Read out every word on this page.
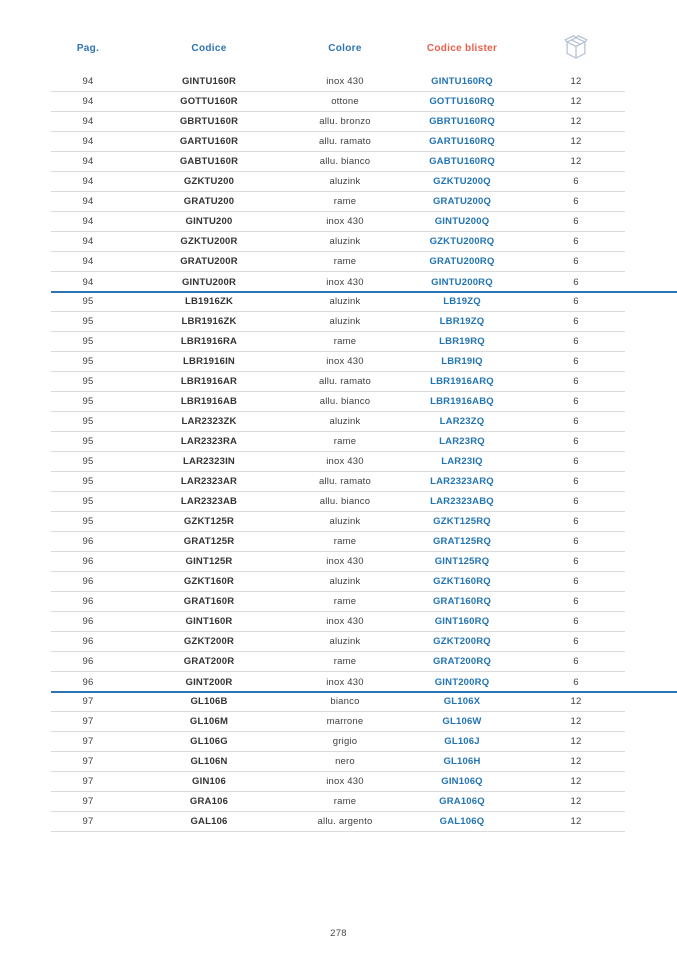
Pag.	Codice	Colore	Codice blister
94	GINTU160R	inox 430	GINTU160RQ	12
94	GOTTU160R	ottone	GOTTU160RQ	12
94	GBRTU160R	allu. bronzo	GBRTU160RQ	12
94	GARTU160R	allu. ramato	GARTU160RQ	12
94	GABTU160R	allu. bianco	GABTU160RQ	12
94	GZKTU200	aluzink	GZKTU200Q	6
94	GRATU200	rame	GRATU200Q	6
94	GINTU200	inox 430	GINTU200Q	6
94	GZKTU200R	aluzink	GZKTU200RQ	6
94	GRATU200R	rame	GRATU200RQ	6
94	GINTU200R	inox 430	GINTU200RQ	6
95	LB1916ZK	aluzink	LB19ZQ	6
95	LBR1916ZK	aluzink	LBR19ZQ	6
95	LBR1916RA	rame	LBR19RQ	6
95	LBR1916IN	inox 430	LBR19IQ	6
95	LBR1916AR	allu. ramato	LBR1916ARQ	6
95	LBR1916AB	allu. bianco	LBR1916ABQ	6
95	LAR2323ZK	aluzink	LAR23ZQ	6
95	LAR2323RA	rame	LAR23RQ	6
95	LAR2323IN	inox 430	LAR23IQ	6
95	LAR2323AR	allu. ramato	LAR2323ARQ	6
95	LAR2323AB	allu. bianco	LAR2323ABQ	6
95	GZKT125R	aluzink	GZKT125RQ	6
96	GRAT125R	rame	GRAT125RQ	6
96	GINT125R	inox 430	GINT125RQ	6
96	GZKT160R	aluzink	GZKT160RQ	6
96	GRAT160R	rame	GRAT160RQ	6
96	GINT160R	inox 430	GINT160RQ	6
96	GZKT200R	aluzink	GZKT200RQ	6
96	GRAT200R	rame	GRAT200RQ	6
96	GINT200R	inox 430	GINT200RQ	6
97	GL106B	bianco	GL106X	12
97	GL106M	marrone	GL106W	12
97	GL106G	grigio	GL106J	12
97	GL106N	nero	GL106H	12
97	GIN106	inox 430	GIN106Q	12
97	GRA106	rame	GRA106Q	12
97	GAL106	allu. argento	GAL106Q	12
278
